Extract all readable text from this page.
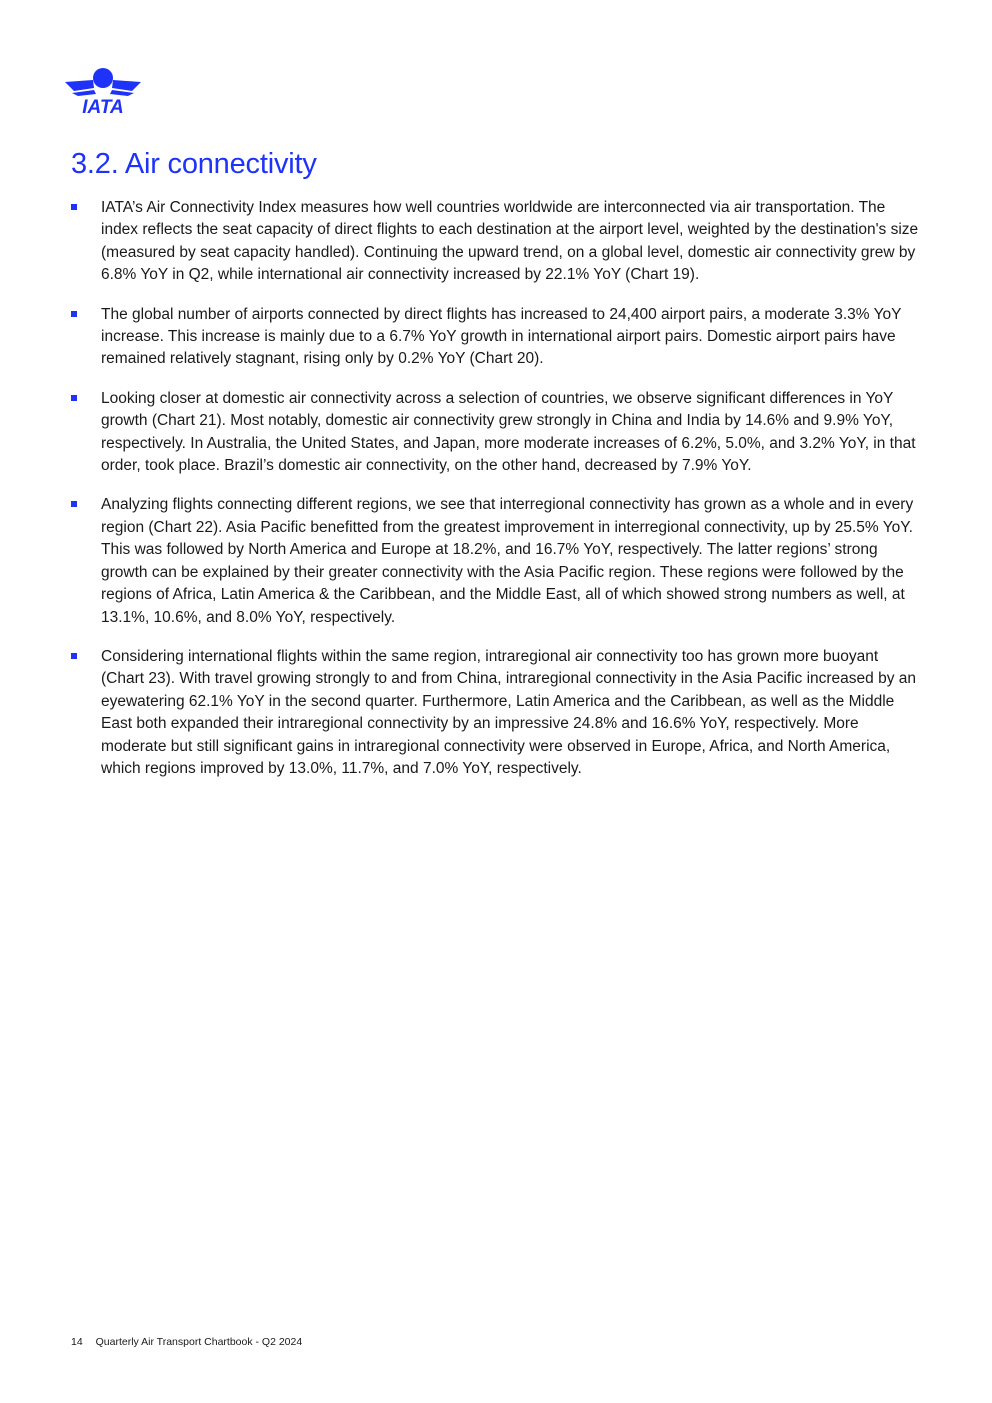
IATA
3.2. Air connectivity
IATA’s Air Connectivity Index measures how well countries worldwide are interconnected via air transportation. The index reflects the seat capacity of direct flights to each destination at the airport level, weighted by the destination's size (measured by seat capacity handled). Continuing the upward trend, on a global level, domestic air connectivity grew by 6.8% YoY in Q2, while international air connectivity increased by 22.1% YoY (Chart 19).
The global number of airports connected by direct flights has increased to 24,400 airport pairs, a moderate 3.3% YoY increase. This increase is mainly due to a 6.7% YoY growth in international airport pairs. Domestic airport pairs have remained relatively stagnant, rising only by 0.2% YoY (Chart 20).
Looking closer at domestic air connectivity across a selection of countries, we observe significant differences in YoY growth (Chart 21). Most notably, domestic air connectivity grew strongly in China and India by 14.6% and 9.9% YoY, respectively. In Australia, the United States, and Japan, more moderate increases of 6.2%, 5.0%, and 3.2% YoY, in that order, took place. Brazil’s domestic air connectivity, on the other hand, decreased by 7.9% YoY.
Analyzing flights connecting different regions, we see that interregional connectivity has grown as a whole and in every region (Chart 22). Asia Pacific benefitted from the greatest improvement in interregional connectivity, up by 25.5% YoY. This was followed by North America and Europe at 18.2%, and 16.7% YoY, respectively. The latter regions’ strong growth can be explained by their greater connectivity with the Asia Pacific region. These regions were followed by the regions of Africa, Latin America & the Caribbean, and the Middle East, all of which showed strong numbers as well, at 13.1%, 10.6%, and 8.0% YoY, respectively.
Considering international flights within the same region, intraregional air connectivity too has grown more buoyant (Chart 23). With travel growing strongly to and from China, intraregional connectivity in the Asia Pacific increased by an eyewatering 62.1% YoY in the second quarter. Furthermore, Latin America and the Caribbean, as well as the Middle East both expanded their intraregional connectivity by an impressive 24.8% and 16.6% YoY, respectively. More moderate but still significant gains in intraregional connectivity were observed in Europe, Africa, and North America, which regions improved by 13.0%, 11.7%, and 7.0% YoY, respectively.
14 Quarterly Air Transport Chartbook - Q2 2024
